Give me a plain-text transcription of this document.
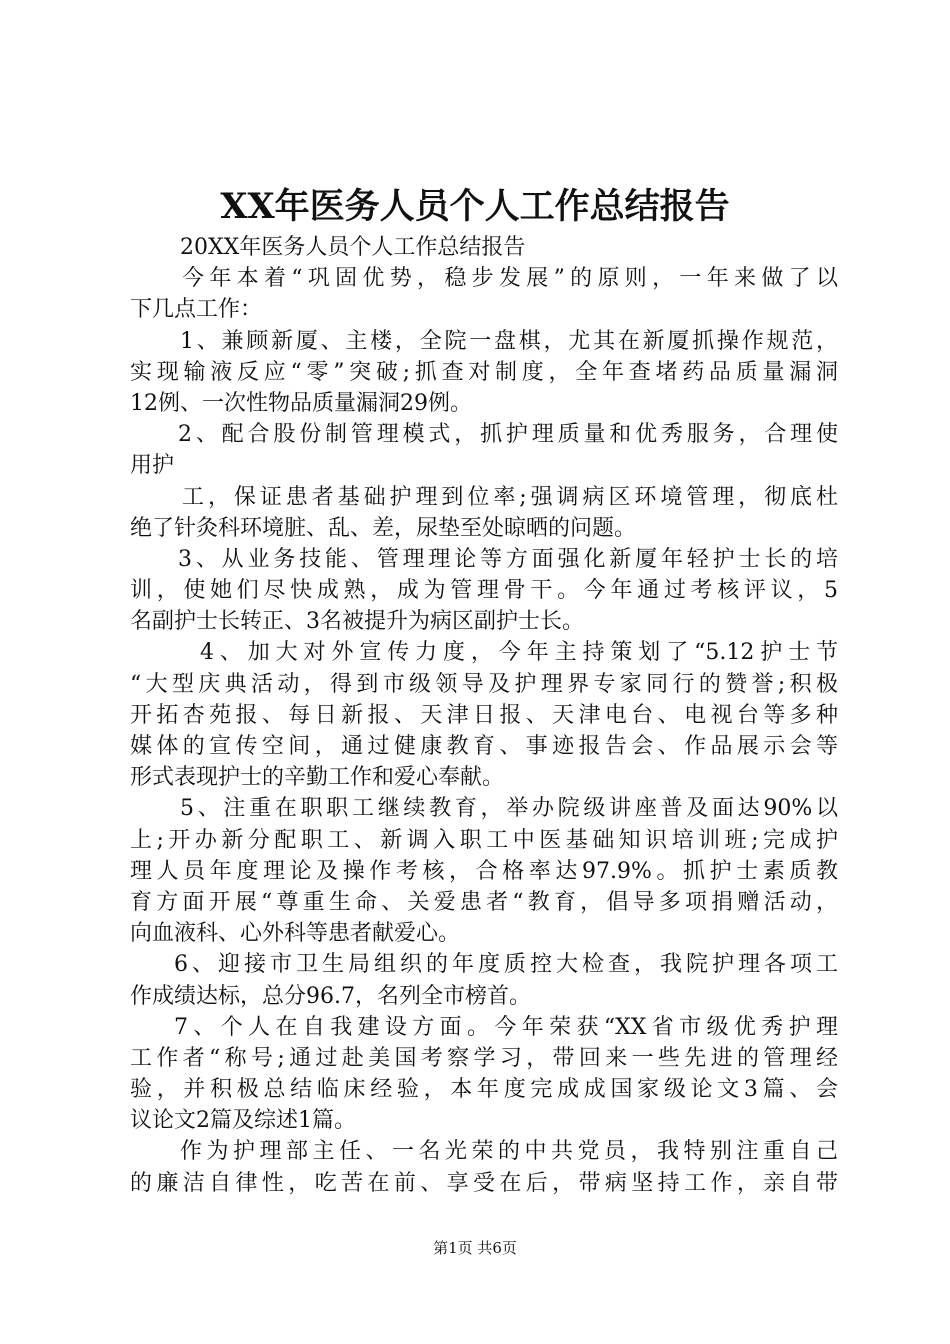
XX年医务人员个人工作总结报告
20XX年医务人员个人工作总结报告
今年本着“巩固优势，稳步发展”的原则，一年来做了以
下几点工作：
1、兼顾新厦、主楼，全院一盘棋，尤其在新厦抓操作规范，
实现输液反应“零”突破;抓查对制度，全年查堵药品质量漏洞
12例、一次性物品质量漏洞29例。
2、配合股份制管理模式，抓护理质量和优秀服务，合理使
用护
工，保证患者基础护理到位率;强调病区环境管理，彻底杜
绝了针灸科环境脏、乱、差，尿垫至处晾晒的问题。
3、从业务技能、管理理论等方面强化新厦年轻护士长的培
训，使她们尽快成熟，成为管理骨干。今年通过考核评议，5
名副护士长转正、3名被提升为病区副护士长。
4、加大对外宣传力度，今年主持策划了“5.12护士节
“大型庆典活动，得到市级领导及护理界专家同行的赞誉;积极
开拓杏苑报、每日新报、天津日报、天津电台、电视台等多种
媒体的宣传空间，通过健康教育、事迹报告会、作品展示会等
形式表现护士的辛勤工作和爱心奉献。
5、注重在职职工继续教育，举办院级讲座普及面达90%以
上;开办新分配职工、新调入职工中医基础知识培训班;完成护
理人员年度理论及操作考核，合格率达97.9%。抓护士素质教
育方面开展“尊重生命、关爱患者“教育，倡导多项捐赠活动，
向血液科、心外科等患者献爱心。
6、迎接市卫生局组织的年度质控大检查，我院护理各项工
作成绩达标，总分96.7，名列全市榜首。
7、个人在自我建设方面。今年荣获“XX省市级优秀护理
工作者“称号;通过赴美国考察学习，带回来一些先进的管理经
验，并积极总结临床经验，本年度完成成国家级论文3篇、会
议论文2篇及综述1篇。
作为护理部主任、一名光荣的中共党员，我特别注重自己
的廉洁自律性，吃苦在前、享受在后，带病坚持工作，亲自带
第1页 共6页
